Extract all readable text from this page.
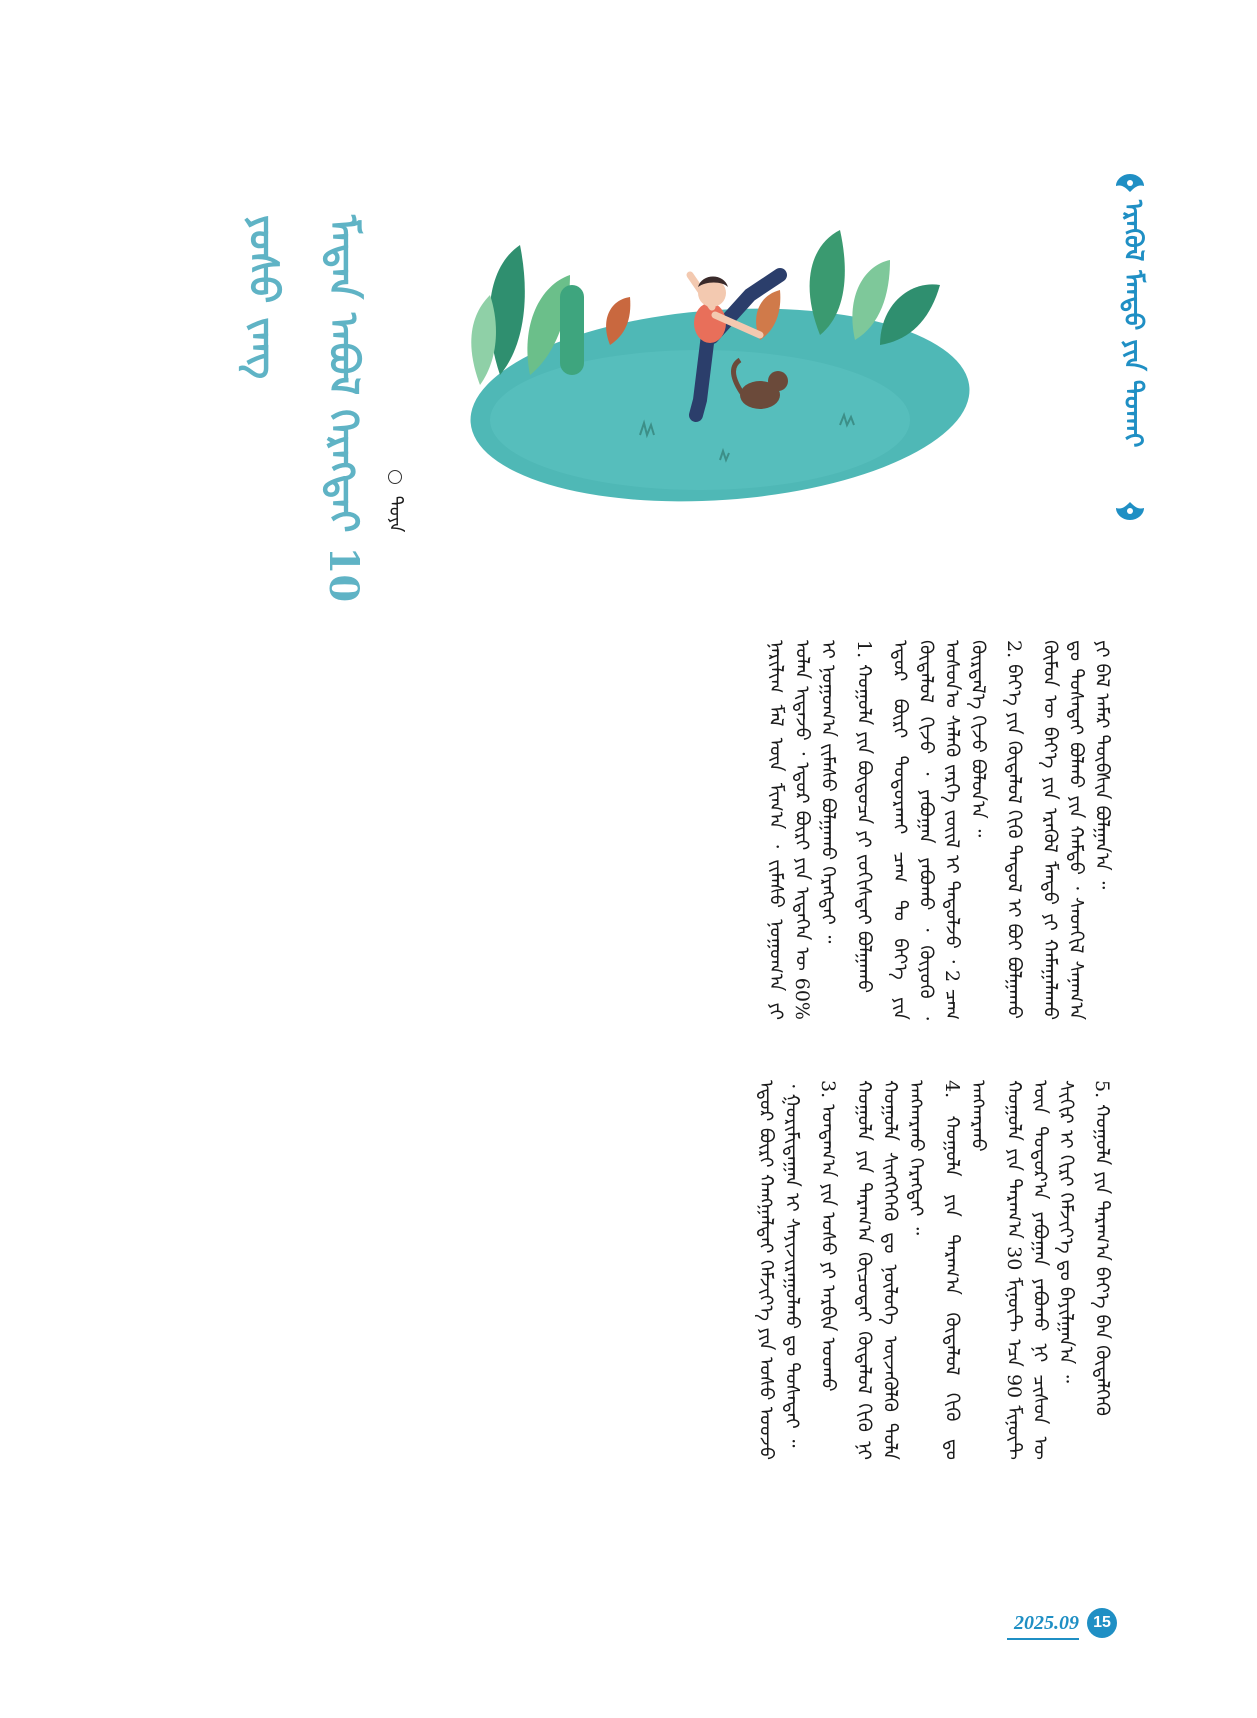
ᠡᠷᠡᠭᠦᠯ ᠮᠡᠨᠳᠦ ᠶᠢᠨ ᠲᠤᠬᠠᠢ
ᠶᠣᠰᠣ ᠵᠠᠩ ᠮᠡᠳᠡᠨ ᠠᠪᠤᠯ ᠬᠡᠷᠡᠭᠳᠡᠢ 10	ᠲᠤᠶᠠ
ᠬᠦᠮᠦᠨ ᠦ ᠪᠡᠶ᠎ᠡ ᠶᠢᠨ ᠡᠷᠡᠭᠦᠯ ᠮᠡᠨᠳᠦ ᠶᠢ ᠬᠠᠮᠠᠭᠠᠯᠠᠬᠤ ᠳᠤ ᠲᠤᠰᠠᠲᠠᠢ ᠪᠣᠯᠬᠤ ᠶᠢᠨ ᠬᠠᠮᠲᠤ ᠂ ᠰᠡᠳᠬᠢᠯ ᠰᠠᠨᠠᠭ᠎ᠠ ᠶᠢ ᠪᠡᠯ ᠠᠮᠠᠷ ᠲᠦᠪᠰᠢᠨ ᠪᠣᠯᠭᠠᠨ᠎ᠠ ᠃
2. ᠪᠡᠶ᠎ᠡ ᠶᠢᠨ ᠬᠥᠳᠡᠯᠦᠯ ᠬᠢᠬᠦ ᠳᠠᠳᠤᠯ ᠢ ᠪᠣᠢ ᠪᠣᠯᠭᠠᠬᠤ
ᠡᠳᠦᠷ ᠪᠦᠷᠢ ᠲᠣᠳᠣᠷᠬᠠᠢ ᠴᠠᠭ ᠲᠤ ᠪᠡᠶ᠎ᠡ ᠶᠢᠨ ᠬᠥᠳᠡᠯᠦᠯ ᠬᠢᠵᠦ ᠂ ᠶᠠᠪᠤᠭᠠᠨ ᠶᠠᠪᠤᠬᠤ ᠂ ᠭᠦᠶᠦᠬᠦ ᠂ ᠤᠰᠤᠨ᠎ᠤ ᠰᠡᠯᠡᠬᠦ ᠵᠡᠷᠭᠡ ᠵᠦᠢᠯ ᠢ ᠳᠠᠳᠤᠯᠵᠤ ᠂ 2 ᠴᠠᠭ ᠬᠦᠷᠲᠡᠯ᠎ᠡ ᠬᠢᠵᠦ ᠪᠣᠯᠤᠨ᠎ᠠ ᠃
1. ᠬᠣᠭᠣᠯᠠ ᠶᠢᠨ ᠪᠦᠲᠦᠴᠡ ᠶᠢ ᠵᠣᠬᠢᠰᠲᠠᠢ ᠪᠣᠯᠭᠠᠬᠤ
ᠨᠠᠷᠢᠯᠢᠭ ᠮᠠᠯ ᠦᠨ ᠮᠢᠬ᠎ᠠ ᠂ ᠵᠢᠮᠡᠰᠦ ᠨᠣᠭᠣᠭ᠎ᠠ ᠶᠢ ᠣᠯᠠᠨ ᠢᠳᠡᠵᠦ ᠂ ᠡᠳᠦᠷ ᠪᠦᠷᠢ ᠶᠢᠨ ᠢᠳᠡᠭᠡᠨ ᠦ 60% ᠢ ᠨᠣᠭᠣᠭ᠎ᠠ ᠵᠢᠮᠡᠰᠦ ᠪᠣᠯᠭᠠᠬᠤ ᠬᠡᠷᠡᠭᠲᠡᠢ ᠃
5. ᠬᠣᠭᠣᠯᠠ ᠶᠢᠨ ᠳᠠᠷᠠᠭ᠎ᠠ ᠪᠡᠶ᠎ᠡ ᠪᠡᠨ ᠬᠥᠳᠡᠯᠭᠡᠬᠦ
ᠬᠣᠭᠣᠯᠠ ᠶᠢᠨ ᠳᠠᠷᠠᠭ᠎ᠠ 30 ᠮᠢᠨᠦ᠋ᠲ ᠡᠴᠡ 90 ᠮᠢᠨᠦ᠋ᠲ ᠦᠨ ᠳᠤᠲᠤᠷ᠎ᠠ ᠶᠠᠪᠤᠭᠠᠨ ᠶᠠᠪᠤᠬᠤ ᠨᠢ ᠴᠢᠰᠤᠨ ᠦ ᠰᠢᠬᠢᠷ ᠢ ᠬᠢᠷᠢ ᠬᠡᠮᠵᠢᠶ᠎ᠡ ᠳᠤ ᠪᠠᠶᠢᠯᠭᠠᠨ᠎ᠠ ᠃
4. ᠬᠣᠭᠣᠯᠠ ᠶᠢᠨ ᠳᠠᠷᠠᠭ᠎ᠠ ᠬᠥᠳᠡᠯᠦᠯ ᠬᠢᠬᠦ ᠳᠤ ᠠᠩᠬᠠᠷᠬᠤ
ᠬᠣᠭᠣᠯᠠ ᠶᠢᠨ ᠳᠠᠷᠠᠭ᠎ᠠ ᠬᠦᠴᠦᠲᠡᠢ ᠬᠥᠳᠡᠯᠦᠯ ᠬᠢᠬᠦ ᠨᠢ ᠬᠣᠭᠣᠯᠠ ᠰᠢᠩᠭᠡᠭᠡᠬᠦ ᠳᠤ ᠨᠥᠯᠦᠭᠡ ᠦᠵᠡᠭᠦᠯᠬᠦ ᠲᠤᠯᠠ ᠠᠩᠬᠠᠷᠬᠤ ᠬᠡᠷᠡᠭᠲᠡᠢ ᠃
3. ᠤᠨᠳᠠᠭ᠎ᠠ ᠶᠢᠨ ᠤᠰᠤ ᠶᠢ ᠠᠷᠪᠢᠨ ᠤᠤᠬᠤ
ᠡᠳᠦᠷ ᠪᠦᠷᠢ ᠬᠠᠩᠭᠠᠯᠲᠠᠢ ᠬᠡᠮᠵᠢᠶ᠎ᠡ ᠶᠢᠨ ᠤᠰᠤ ᠤᠤᠵᠤ ᠂ ᠭᠤᠷᠢᠮᠢᠲᠠᠭᠠᠨ ᠢ ᠰᠠᠶᠢᠵᠢᠷᠠᠭᠤᠯᠬᠤ ᠳᠤ ᠲᠤᠰᠠᠲᠠᠢ ᠃
2025.09 15
